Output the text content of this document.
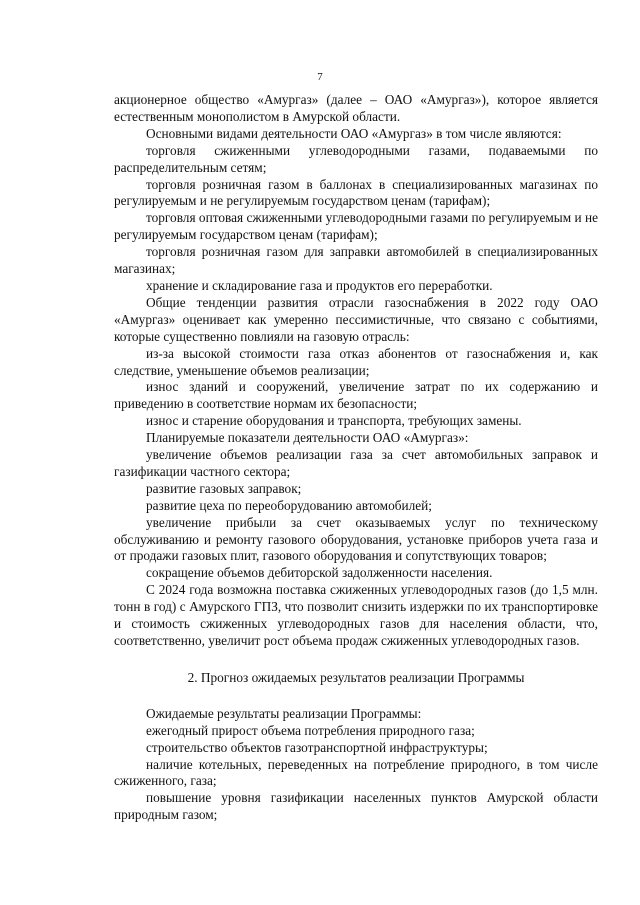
7

акционерное общество «Амургаз» (далее – ОАО «Амургаз»), которое является естественным монополистом в Амурской области.

Основными видами деятельности ОАО «Амургаз» в том числе являются:

торговля сжиженными углеводородными газами, подаваемыми по распределительным сетям;

торговля розничная газом в баллонах в специализированных магазинах по регулируемым и не регулируемым государством ценам (тарифам);

торговля оптовая сжиженными углеводородными газами по регулируемым и не регулируемым государством ценам (тарифам);

торговля розничная газом для заправки автомобилей в специализированных магазинах;

хранение и складирование газа и продуктов его переработки.

Общие тенденции развития отрасли газоснабжения в 2022 году ОАО «Амургаз» оценивает как умеренно пессимистичные, что связано с событиями, которые существенно повлияли на газовую отрасль:

из-за высокой стоимости газа отказ абонентов от газоснабжения и, как следствие, уменьшение объемов реализации;

износ зданий и сооружений, увеличение затрат по их содержанию и приведению в соответствие нормам их безопасности;

износ и старение оборудования и транспорта, требующих замены.

Планируемые показатели деятельности ОАО «Амургаз»:

увеличение объемов реализации газа за счет автомобильных заправок и газификации частного сектора;

развитие газовых заправок;

развитие цеха по переоборудованию автомобилей;

увеличение прибыли за счет оказываемых услуг по техническому обслуживанию и ремонту газового оборудования, установке приборов учета газа и от продажи газовых плит, газового оборудования и сопутствующих товаров;

сокращение объемов дебиторской задолженности населения.

С 2024 года возможна поставка сжиженных углеводородных газов (до 1,5 млн. тонн в год) с Амурского ГПЗ, что позволит снизить издержки по их транспортировке и стоимость сжиженных углеводородных газов для населения области, что, соответственно, увеличит рост объема продаж сжиженных углеводородных газов.

2. Прогноз ожидаемых результатов реализации Программы

Ожидаемые результаты реализации Программы:

ежегодный прирост объема потребления природного газа;

строительство объектов газотранспортной инфраструктуры;

наличие котельных, переведенных на потребление природного, в том числе сжиженного, газа;

повышение уровня газификации населенных пунктов Амурской области природным газом;
